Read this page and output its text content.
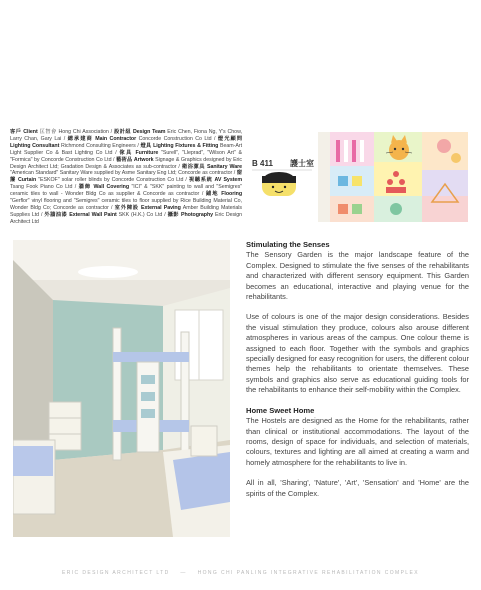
客戶 Client 匡智會 Hong Chi Association / 設計組 Design Team Eric Chen, Fiona Ng, Y's Chow, Larry Chan, Gary Lai / 總承建商 Main Contractor Concorde Construction Co Ltd / 燈光顧問 Lighting Consultant Richmond Consulting Engineers / 燈具 Lighting Fixtures & Fitting Beam-Art Light Supplier Co & Bast Lighting Co Ltd / 傢具 Furniture "Surell", "Lleprad", "Wilson Art" & "Formica" by Concorde Construction Co Ltd / 藝術品 Artwork Signage & Graphics designed by Eric Design Architect Ltd; Gradation Design & Associates as sub-contractor / 衛浴潔具 Sanitary Ware "American Standard" Sanitary Ware supplied by Asme Sanitary Eng Ltd; Concorde as contractor / 窗簾 Curtain "ESKOF" solar roller blinds by Concorde Construction Co Ltd / 視聽系統 AV System Tsang Fook Piano Co Ltd / 牆飾 Wall Covering "ICI" & "SKK" painting to wall and "Semigres" ceramic tiles to wall - Wonder Bldg Co as supplier & Concorde as contractor / 鋪地 Flooring "Gerflor" vinyl flooring and "Semigres" ceramic tiles to floor supplied by Rice Building Material Co, Wonder Bldg Co; Concorde as contractor / 室外陳設 External Paving Amber Building Materials Supplies Ltd / 外牆油漆 External Wall Paint SKK (H.K.) Co Ltd / 攝影 Photography Eric Design Architect Ltd
B 411 護士室
Stimulating the Senses

The Sensory Garden is the major landscape feature of the Complex. Designed to stimulate the five senses of the rehabilitants and characterized with different sensory equipment. This Garden becomes an educational, interactive and playing venue for the rehabilitants.

Use of colours is one of the major design considerations. Besides the visual stimulation they produce, colours also arouse different atmospheres in various areas of the campus. One colour theme is assigned to each floor. Together with the symbols and graphics specially designed for easy recognition for users, the different colour themes help the rehabilitants to orientate themselves. These symbols and graphics also serve as educational guiding tools for the rehabilitants to enhance their self-mobility within the Complex.

Home Sweet Home

The Hostels are designed as the Home for the rehabilitants, rather than clinical or institutional accommodations. The layout of the rooms, design of space for individuals, and selection of materials, colours, textures and lighting are all aimed at creating a warm and homely atmosphere for the rehabilitants to live in.

All in all, 'Sharing', 'Nature', 'Art', 'Sensation' and 'Home' are the spirits of the Complex.

ERIC DESIGN ARCHITECT LTD — HONG CHI PANLING INTEGRATIVE REHABILITATION COMPLEX
